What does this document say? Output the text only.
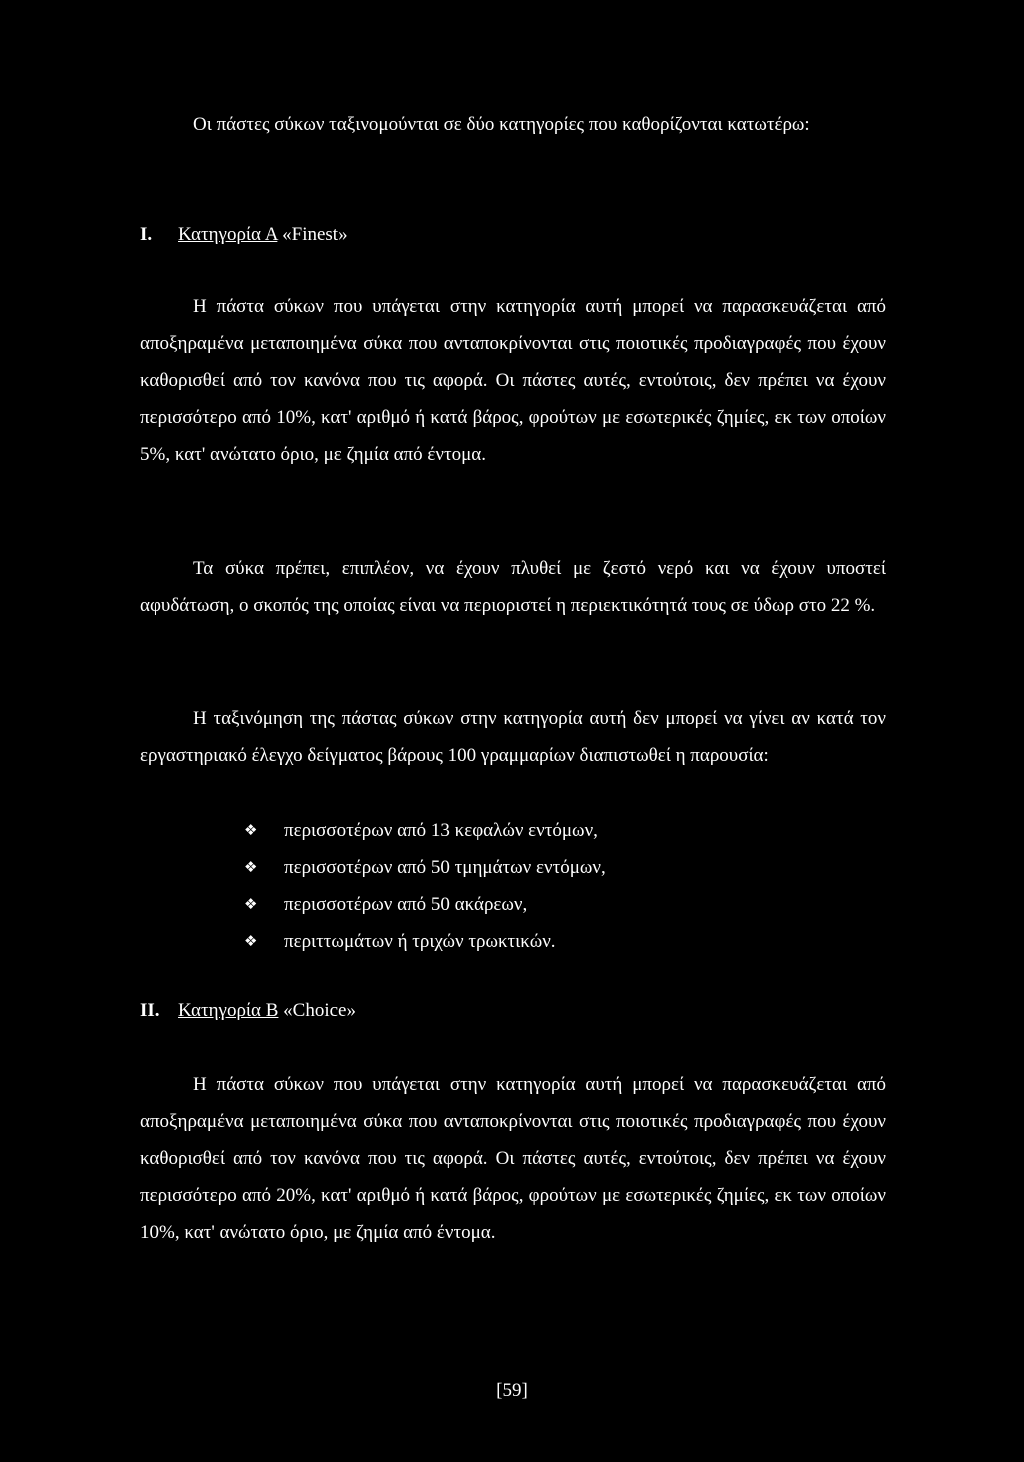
Οι πάστες σύκων ταξινομούνται σε δύο κατηγορίες που καθορίζονται κατωτέρω:

I. Κατηγορία Α «Finest»

Η πάστα σύκων που υπάγεται στην κατηγορία αυτή μπορεί να παρασκευάζεται από αποξηραμένα μεταποιημένα σύκα που ανταποκρίνονται στις ποιοτικές προδιαγραφές που έχουν καθορισθεί από τον κανόνα που τις αφορά. Οι πάστες αυτές, εντούτοις, δεν πρέπει να έχουν περισσότερο από 10%, κατ' αριθμό ή κατά βάρος, φρούτων με εσωτερικές ζημίες, εκ των οποίων 5%, κατ' ανώτατο όριο, με ζημία από έντομα.

Τα σύκα πρέπει, επιπλέον, να έχουν πλυθεί με ζεστό νερό και να έχουν υποστεί αφυδάτωση, ο σκοπός της οποίας είναι να περιοριστεί η περιεκτικότητά τους σε ύδωρ στο 22 %.

Η ταξινόμηση της πάστας σύκων στην κατηγορία αυτή δεν μπορεί να γίνει αν κατά τον εργαστηριακό έλεγχο δείγματος βάρους 100 γραμμαρίων διαπιστωθεί η παρουσία:

❖	περισσοτέρων από 13 κεφαλών εντόμων,
❖	περισσοτέρων από 50 τμημάτων εντόμων,
❖	περισσοτέρων από 50 ακάρεων,
❖	περιττωμάτων ή τριχών τρωκτικών.
II. Κατηγορία Β «Choice»

Η πάστα σύκων που υπάγεται στην κατηγορία αυτή μπορεί να παρασκευάζεται από αποξηραμένα μεταποιημένα σύκα που ανταποκρίνονται στις ποιοτικές προδιαγραφές που έχουν καθορισθεί από τον κανόνα που τις αφορά. Οι πάστες αυτές, εντούτοις, δεν πρέπει να έχουν περισσότερο από 20%, κατ' αριθμό ή κατά βάρος, φρούτων με εσωτερικές ζημίες, εκ των οποίων 10%, κατ' ανώτατο όριο, με ζημία από έντομα.

[59]
